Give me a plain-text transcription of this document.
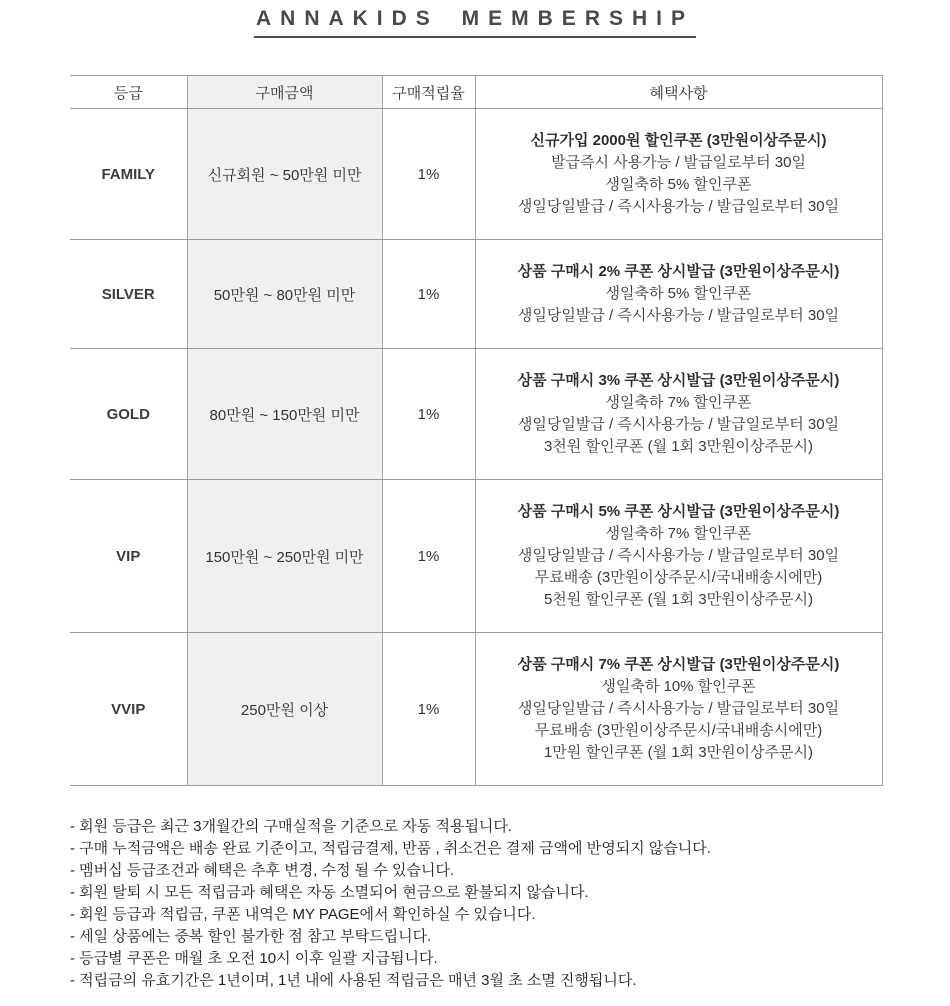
ANNAKIDS MEMBERSHIP
등급	구매금액	구매적립율	혜택사항
FAMILY	신규회원 ~ 50만원 미만	1%	신규가입 2000원 할인쿠폰 (3만원이상주문시)
발급즉시 사용가능 / 발급일로부터 30일
생일축하 5% 할인쿠폰
생일당일발급 / 즉시사용가능 / 발급일로부터 30일

SILVER	50만원 ~ 80만원 미만	1%	상품 구매시 2% 쿠폰 상시발급 (3만원이상주문시)
생일축하 5% 할인쿠폰
생일당일발급 / 즉시사용가능 / 발급일로부터 30일

GOLD	80만원 ~ 150만원 미만	1%	상품 구매시 3% 쿠폰 상시발급 (3만원이상주문시)
생일축하 7% 할인쿠폰
생일당일발급 / 즉시사용가능 / 발급일로부터 30일
3천원 할인쿠폰 (월 1회 3만원이상주문시)

VIP	150만원 ~ 250만원 미만	1%	상품 구매시 5% 쿠폰 상시발급 (3만원이상주문시)
생일축하 7% 할인쿠폰
생일당일발급 / 즉시사용가능 / 발급일로부터 30일
무료배송 (3만원이상주문시/국내배송시에만)
5천원 할인쿠폰 (월 1회 3만원이상주문시)

VVIP	250만원 이상	1%	상품 구매시 7% 쿠폰 상시발급 (3만원이상주문시)
생일축하 10% 할인쿠폰
생일당일발급 / 즉시사용가능 / 발급일로부터 30일
무료배송 (3만원이상주문시/국내배송시에만)
1만원 할인쿠폰 (월 1회 3만원이상주문시)
- 회원 등급은 최근 3개월간의 구매실적을 기준으로 자동 적용됩니다.
- 구매 누적금액은 배송 완료 기준이고, 적립금결제, 반품 , 취소건은 결제 금액에 반영되지 않습니다.
- 멤버십 등급조건과 혜택은 추후 변경, 수정 될 수 있습니다.
- 회원 탈퇴 시 모든 적립금과 혜택은 자동 소멸되어 현금으로 환불되지 않습니다.
- 회원 등급과 적립금, 쿠폰 내역은 MY PAGE에서 확인하실 수 있습니다.
- 세일 상품에는 중복 할인 불가한 점 참고 부탁드립니다.
- 등급별 쿠폰은 매월 초 오전 10시 이후 일괄 지급됩니다.
- 적립금의 유효기간은 1년이며, 1년 내에 사용된 적립금은 매년 3월 초 소멸 진행됩니다.
